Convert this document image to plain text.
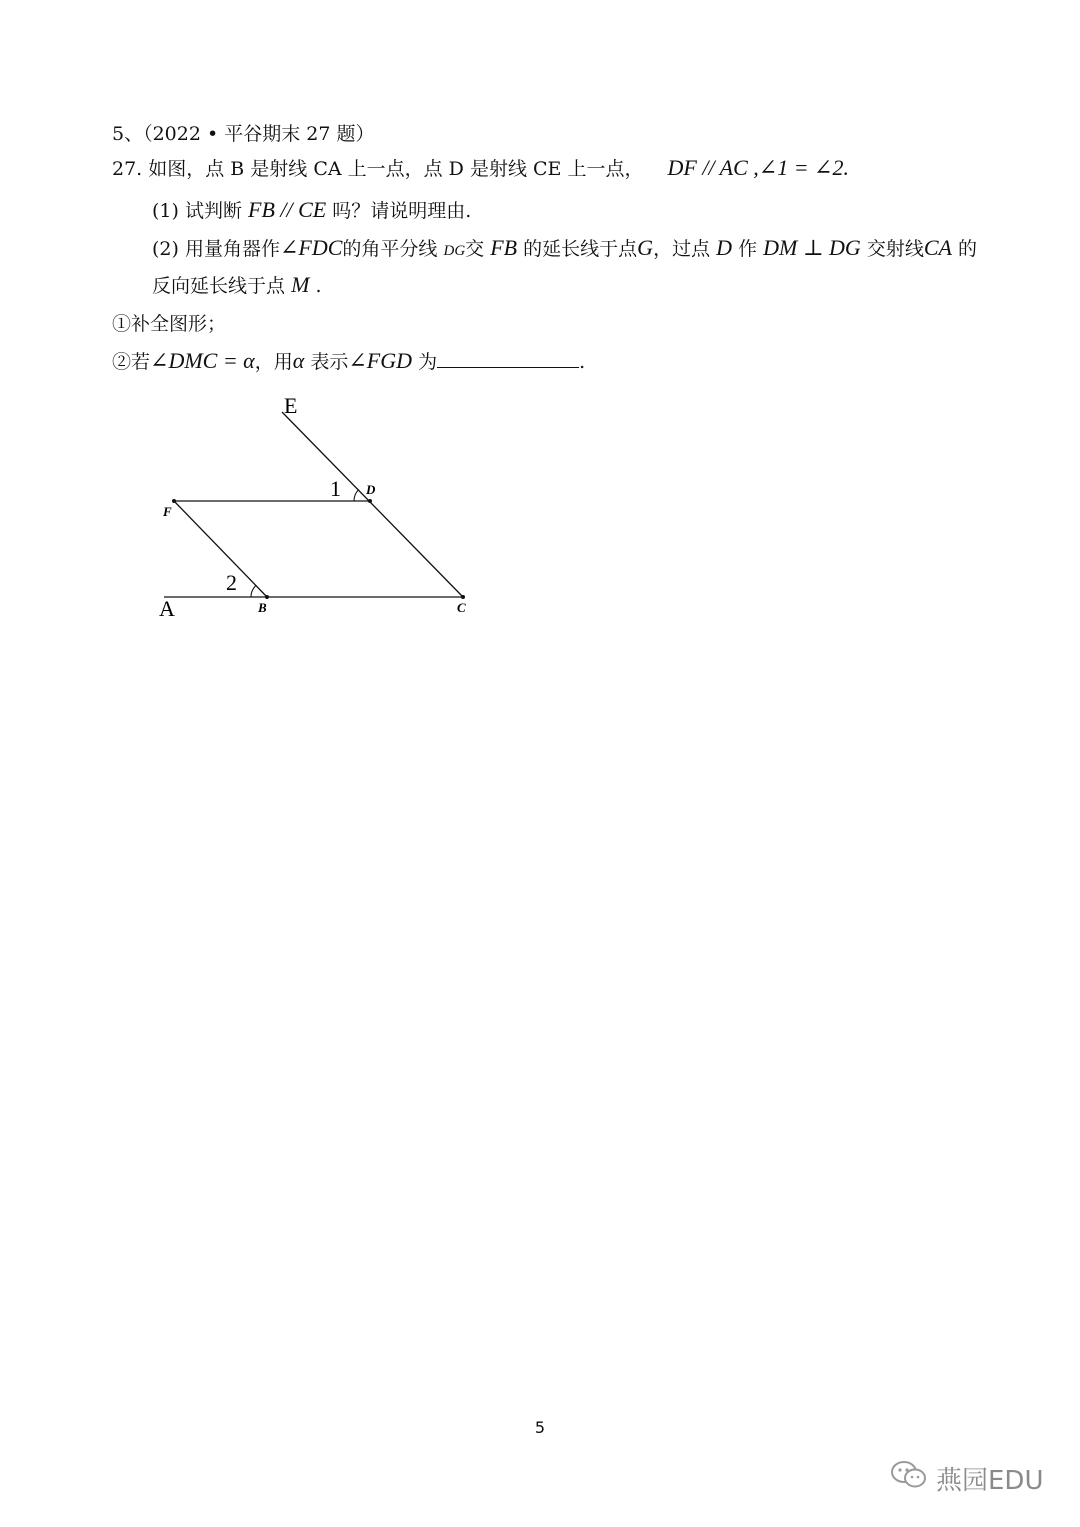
5、（2022 • 平谷期末 27 题）
27. 如图，点 B 是射线 CA 上一点，点 D 是射线 CE 上一点， DF // AC ,∠1 = ∠2.
(1) 试判断 FB // CE 吗？请说明理由.
(2) 用量角器作∠FDC的角平分线 DG交 FB 的延长线于点G，过点 D 作 DM ⊥ DG 交射线CA 的
反向延长线于点 M .
①补全图形；
②若∠DMC = α，用α 表示∠FGD 为	.
E
D
F
A	B	C
1
2
5
燕园EDU
